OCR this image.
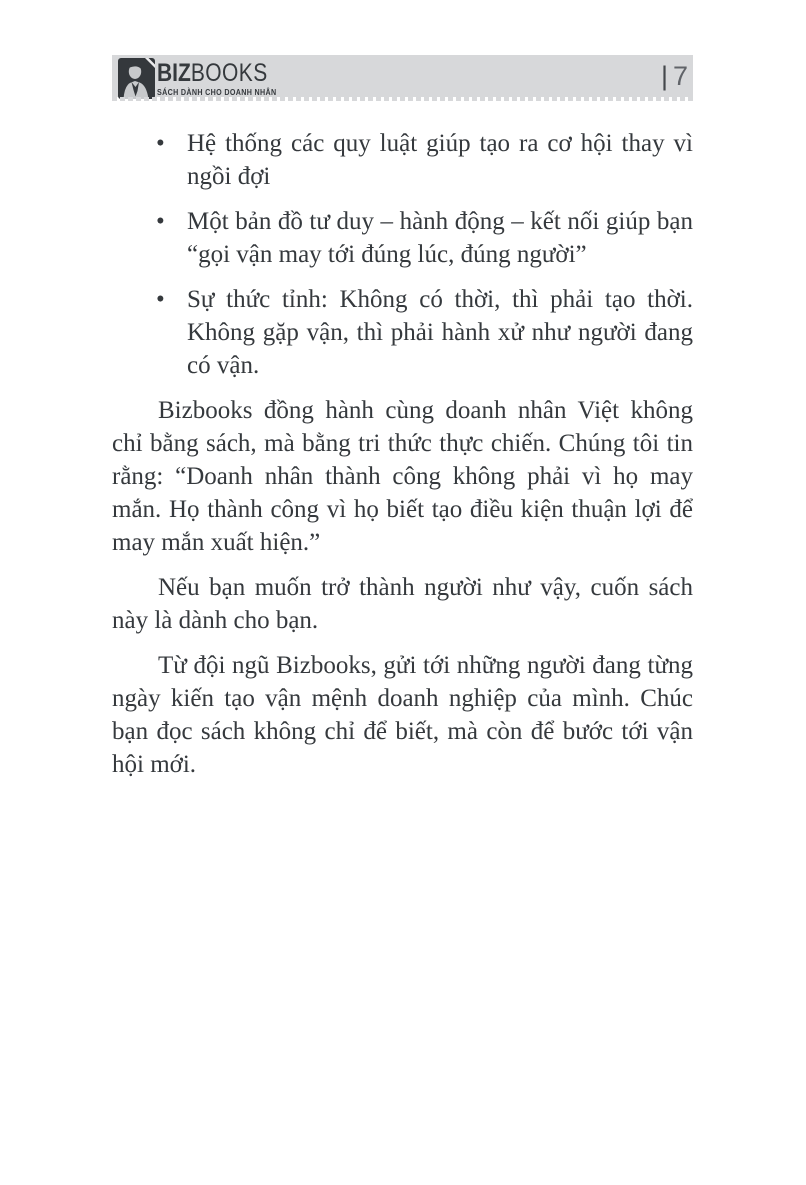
BIZBOOKS
SÁCH DÀNH CHO DOANH NHÂN
| 7
• Hệ thống các quy luật giúp tạo ra cơ hội thay vì ngồi đợi
• Một bản đồ tư duy – hành động – kết nối giúp bạn “gọi vận may tới đúng lúc, đúng người”
• Sự thức tỉnh: Không có thời, thì phải tạo thời. Không gặp vận, thì phải hành xử như người đang có vận.

Bizbooks đồng hành cùng doanh nhân Việt không chỉ bằng sách, mà bằng tri thức thực chiến. Chúng tôi tin rằng: “Doanh nhân thành công không phải vì họ may mắn. Họ thành công vì họ biết tạo điều kiện thuận lợi để may mắn xuất hiện.”

Nếu bạn muốn trở thành người như vậy, cuốn sách này là dành cho bạn.

Từ đội ngũ Bizbooks, gửi tới những người đang từng ngày kiến tạo vận mệnh doanh nghiệp của mình. Chúc bạn đọc sách không chỉ để biết, mà còn để bước tới vận hội mới.
